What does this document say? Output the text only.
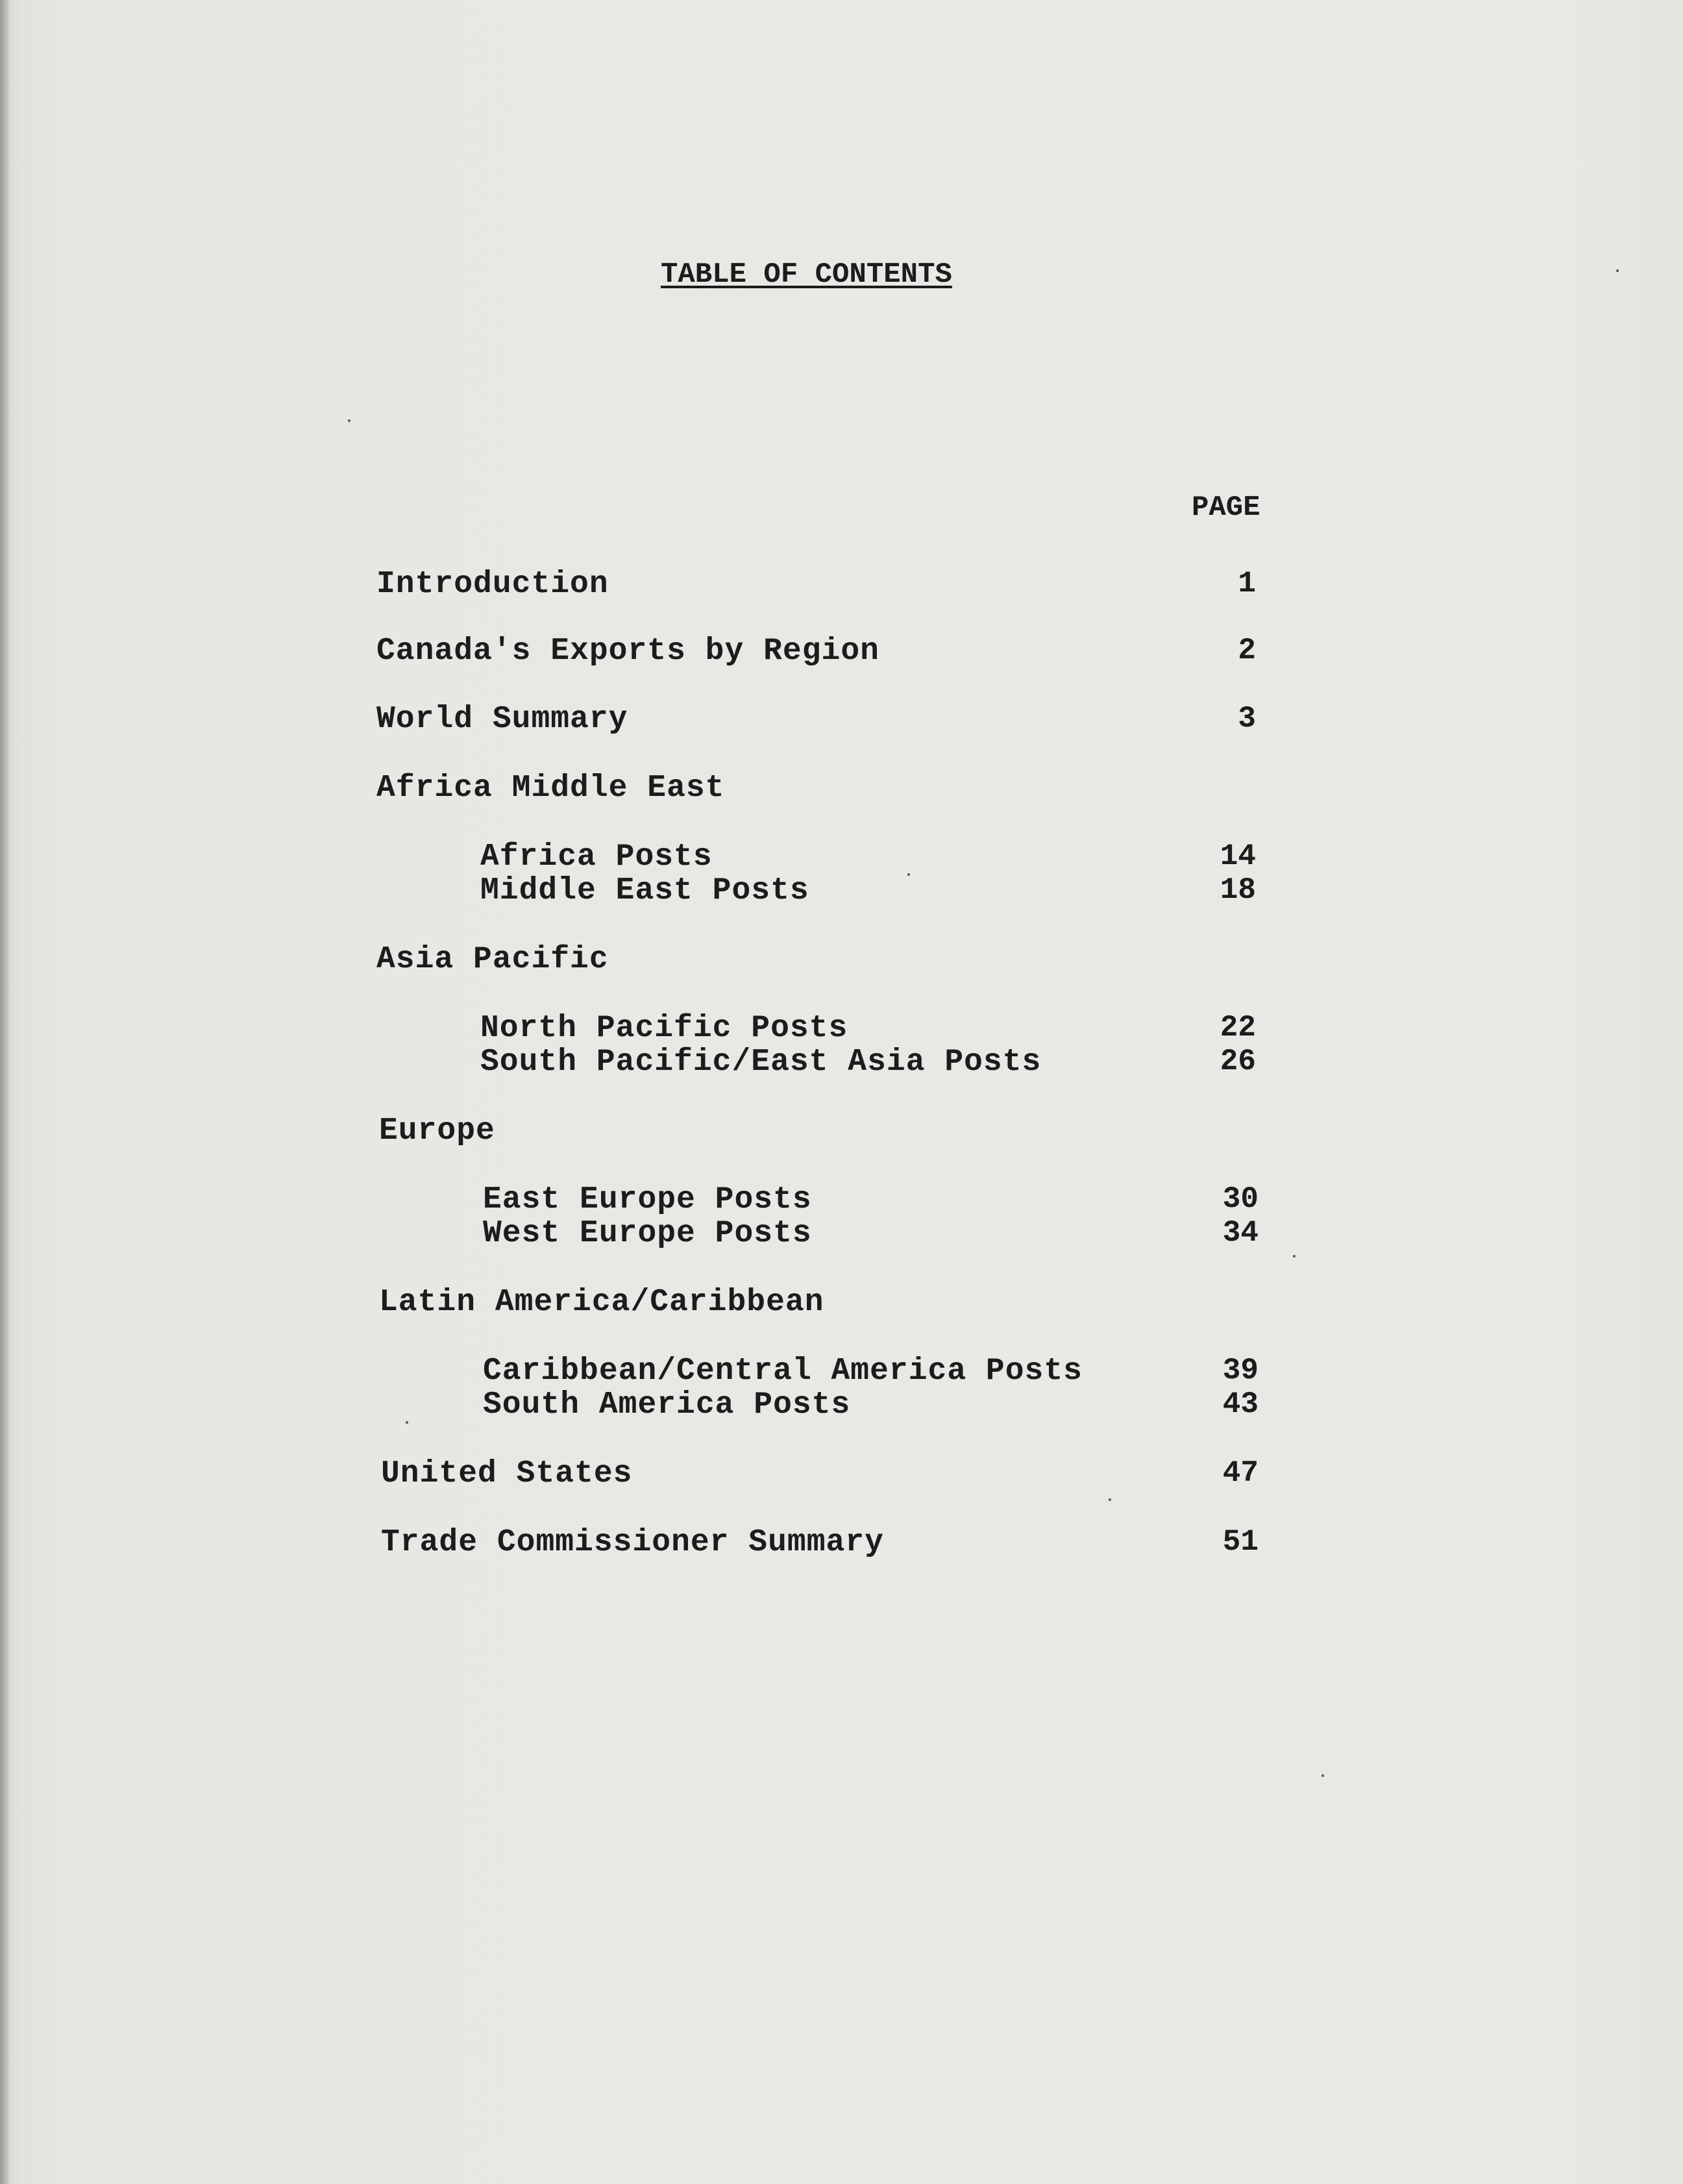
TABLE OF CONTENTS
PAGE
Introduction	1
Canada's Exports by Region	2
World Summary	3
Africa Middle East
Africa Posts	14
Middle East Posts	18
Asia Pacific
North Pacific Posts	22
South Pacific/East Asia Posts	26
Europe
East Europe Posts	30
West Europe Posts	34
Latin America/Caribbean
Caribbean/Central America Posts	39
South America Posts	43
United States	47
Trade Commissioner Summary	51
